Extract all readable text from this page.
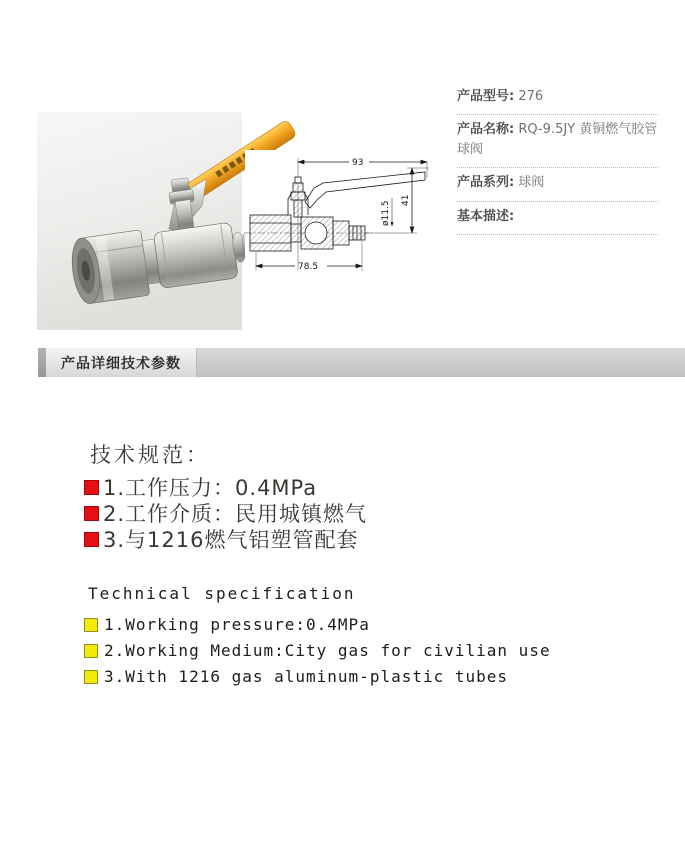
93
41
ø11.5
78.5
产品型号: 276
产品名称: RQ-9.5JY 黄铜燃气胶管球阀
产品系列: 球阀
基本描述:
产品详细技术参数
技术规范：
1.工作压力：0.4MPa
2.工作介质：民用城镇燃气
3.与1216燃气铝塑管配套
Technical specification
1.Working pressure:0.4MPa
2.Working Medium:City gas for civilian use
3.With 1216 gas aluminum-plastic tubes
